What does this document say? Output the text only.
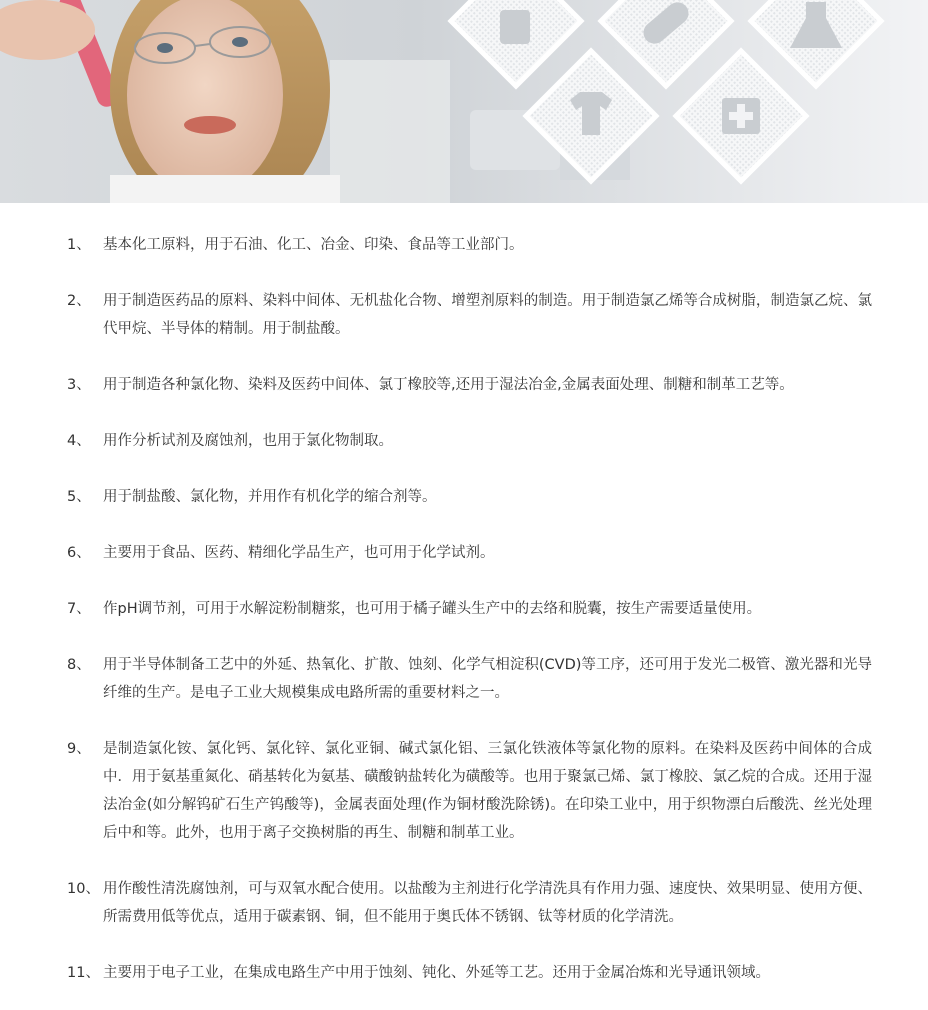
1、 基本化工原料，用于石油、化工、冶金、印染、食品等工业部门。
2、 用于制造医药品的原料、染料中间体、无机盐化合物、增塑剂原料的制造。用于制造氯乙烯等合成树脂，制造氯乙烷、氯代甲烷、半导体的精制。用于制盐酸。
3、 用于制造各种氯化物、染料及医药中间体、氯丁橡胶等,还用于湿法冶金,金属表面处理、制糖和制革工艺等。
4、 用作分析试剂及腐蚀剂，也用于氯化物制取。
5、 用于制盐酸、氯化物，并用作有机化学的缩合剂等。
6、 主要用于食品、医药、精细化学品生产，也可用于化学试剂。
7、 作pH调节剂，可用于水解淀粉制糖浆，也可用于橘子罐头生产中的去络和脱囊，按生产需要适量使用。
8、 用于半导体制备工艺中的外延、热氧化、扩散、蚀刻、化学气相淀积(CVD)等工序，还可用于发光二极管、激光器和光导纤维的生产。是电子工业大规模集成电路所需的重要材料之一。
9、 是制造氯化铵、氯化钙、氯化锌、氯化亚铜、碱式氯化铝、三氯化铁液体等氯化物的原料。在染料及医药中间体的合成中．用于氨基重氮化、硝基转化为氨基、磺酸钠盐转化为磺酸等。也用于聚氯己烯、氯丁橡胶、氯乙烷的合成。还用于湿法冶金(如分解钨矿石生产钨酸等)，金属表面处理(作为铜材酸洗除锈)。在印染工业中，用于织物漂白后酸洗、丝光处理后中和等。此外，也用于离子交换树脂的再生、制糖和制革工业。
10、 用作酸性清洗腐蚀剂，可与双氧水配合使用。以盐酸为主剂进行化学清洗具有作用力强、速度快、效果明显、使用方便、所需费用低等优点，适用于碳素钢、铜，但不能用于奥氏体不锈钢、钛等材质的化学清洗。
11、 主要用于电子工业，在集成电路生产中用于蚀刻、钝化、外延等工艺。还用于金属冶炼和光导通讯领域。
